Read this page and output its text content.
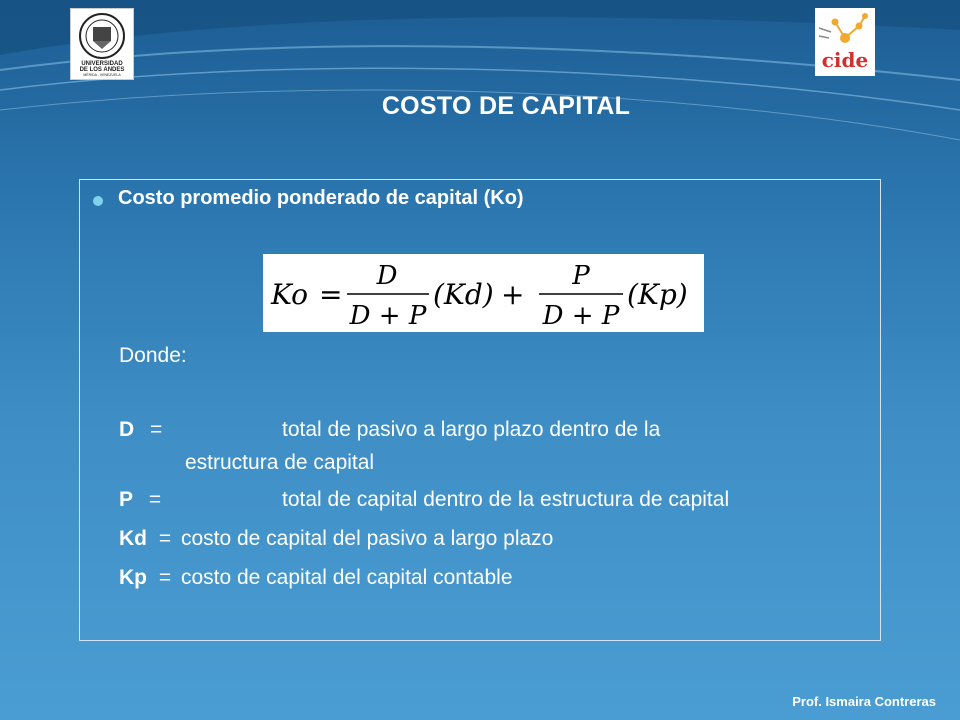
UNIVERSIDAD
DE LOS ANDES
MÉRIDA - VENEZUELA
cide
COSTO DE CAPITAL
Costo promedio ponderado de capital (Ko)
Ko =
D
D + P
(Kd) +
P
D + P
(Kp)
Donde:
D =	total de pasivo a largo plazo dentro de la
estructura de capital
P =	total de capital dentro de la estructura de capital
Kd = costo de capital del pasivo a largo plazo
Kp = costo de capital del capital contable
Prof. Ismaira Contreras
